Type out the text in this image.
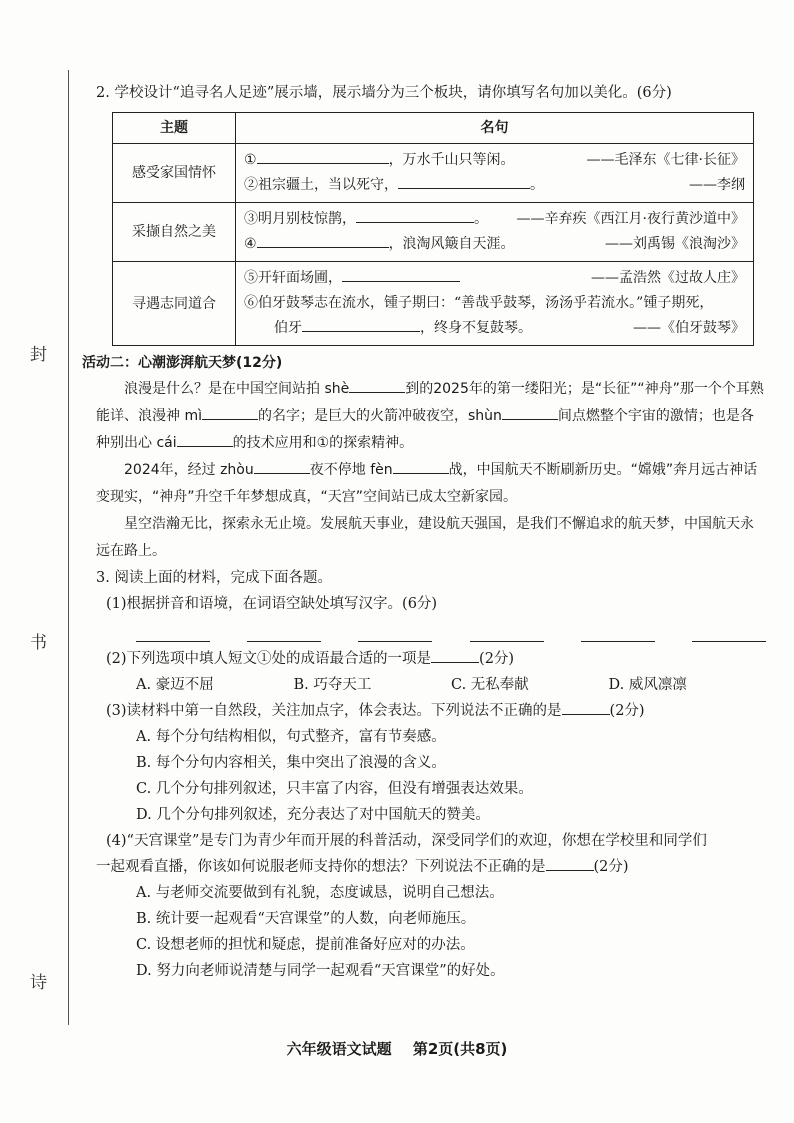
封
书
诗

2. 学校设计“追寻名人足迹”展示墙，展示墙分为三个板块，请你填写名句加以美化。(6分)

主题	名句
感受家国情怀	① ，万水千山只等闲。 ——毛泽东《七律·长征》
②祖宗疆土，当以死守， 。 ——李纲

采撷自然之美	③明月别枝惊鹊， 。 ——辛弃疾《西江月·夜行黄沙道中》
④ ，浪淘风簸自天涯。 ——刘禹锡《浪淘沙》

寻遇志同道合	⑤开轩面场圃， ——孟浩然《过故人庄》
⑥伯牙鼓琴志在流水，锺子期曰：“善哉乎鼓琴，汤汤乎若流水。”锺子期死，
伯牙 ，终身不复鼓琴。 ——《伯牙鼓琴》

活动二：心潮澎湃航天梦(12分)

浪漫是什么？是在中国空间站拍 shè	到的2025年的第一缕阳光；是“长征”“神舟”那一个个耳熟能详、浪漫神 mì	的名字；是巨大的火箭冲破夜空，shùn	间点燃整个宇宙的激情；也是各种别出心 cái	的技术应用和①的探索精神。

2024年，经过 zhòu	夜不停地 fèn	战，中国航天不断刷新历史。“嫦娥”奔月远古神话变现实，“神舟”升空千年梦想成真，“天宫”空间站已成太空新家园。

星空浩瀚无比，探索永无止境。发展航天事业，建设航天强国，是我们不懈追求的航天梦，中国航天永远在路上。

3. 阅读上面的材料，完成下面各题。

(1)根据拼音和语境，在词语空缺处填写汉字。(6分)

(2)下列选项中填人短文①处的成语最合适的一项是	(2分)

A. 豪迈不屈	B. 巧夺天工	C. 无私奉献	D. 威风凛凛

(3)读材料中第一自然段，关注加点字，体会表达。下列说法不正确的是	(2分)

A. 每个分句结构相似，句式整齐，富有节奏感。

B. 每个分句内容相关，集中突出了浪漫的含义。

C. 几个分句排列叙述，只丰富了内容，但没有增强表达效果。

D. 几个分句排列叙述，充分表达了对中国航天的赞美。

(4)“天宫课堂”是专门为青少年而开展的科普活动，深受同学们的欢迎，你想在学校里和同学们

一起观看直播，你该如何说服老师支持你的想法？下列说法不正确的是	(2分)

A. 与老师交流要做到有礼貌，态度诚恳，说明自己想法。

B. 统计要一起观看“天宫课堂”的人数，向老师施压。

C. 设想老师的担忧和疑虑，提前准备好应对的办法。

D. 努力向老师说清楚与同学一起观看“天宫课堂”的好处。

六年级语文试题 第2页(共8页)
